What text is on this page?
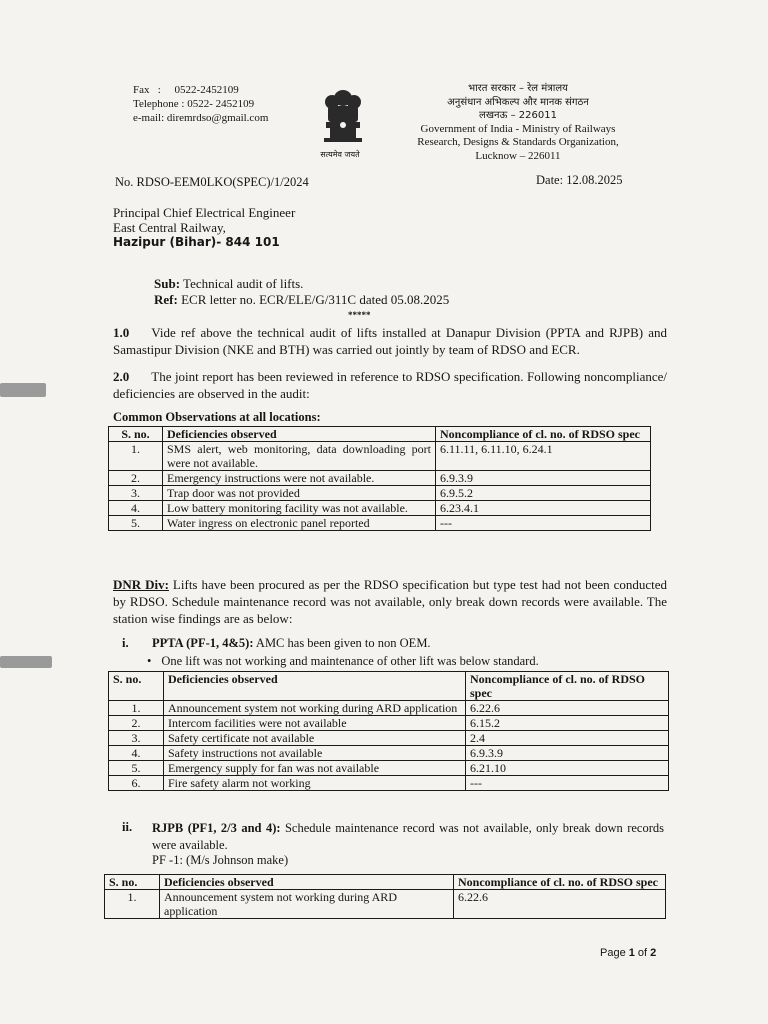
Fax   :     0522-2452109
Telephone : 0522- 2452109
e-mail: diremrdso@gmail.com
सत्यमेव जयते
भारत सरकार – रेल मंत्रालय
अनुसंधान अभिकल्प और मानक संगठन
लखनऊ – 226011
Government of India - Ministry of Railways
Research, Designs & Standards Organization,
Lucknow – 226011
No. RDSO-EEM0LKO(SPEC)/1/2024	Date: 12.08.2025
Principal Chief Electrical Engineer
East Central Railway,
Hazipur (Bihar)- 844 101
Sub: Technical audit of lifts.
Ref: ECR letter no. ECR/ELE/G/311C dated 05.08.2025
*****
1.0 Vide ref above the technical audit of lifts installed at Danapur Division (PPTA and RJPB) and Samastipur Division (NKE and BTH) was carried out jointly by team of RDSO and ECR.
2.0 The joint report has been reviewed in reference to RDSO specification. Following noncompliance/ deficiencies are observed in the audit:
Common Observations at all locations:
S. no.	Deficiencies observed	Noncompliance of cl. no. of RDSO spec
1.	SMS alert, web monitoring, data downloading port were not available.	6.11.11, 6.11.10, 6.24.1
2.	Emergency instructions were not available.	6.9.3.9
3.	Trap door was not provided	6.9.5.2
4.	Low battery monitoring facility was not available.	6.23.4.1
5.	Water ingress on electronic panel reported	---
DNR Div: Lifts have been procured as per the RDSO specification but type test had not been conducted by RDSO. Schedule maintenance record was not available, only break down records were available. The station wise findings are as below:
i. PPTA (PF-1, 4&5): AMC has been given to non OEM.
• One lift was not working and maintenance of other lift was below standard.
S. no.	Deficiencies observed	Noncompliance of cl. no. of RDSO spec
1.	Announcement system not working during ARD application	6.22.6
2.	Intercom facilities were not available	6.15.2
3.	Safety certificate not available	2.4
4.	Safety instructions not available	6.9.3.9
5.	Emergency supply for fan was not available	6.21.10
6.	Fire safety alarm not working	---
ii. RJPB (PF1, 2/3 and 4): Schedule maintenance record was not available, only break down records were available.
PF -1: (M/s Johnson make)
S. no.	Deficiencies observed	Noncompliance of cl. no. of RDSO spec
1.	Announcement system not working during ARD application	6.22.6
Page 1 of 2
